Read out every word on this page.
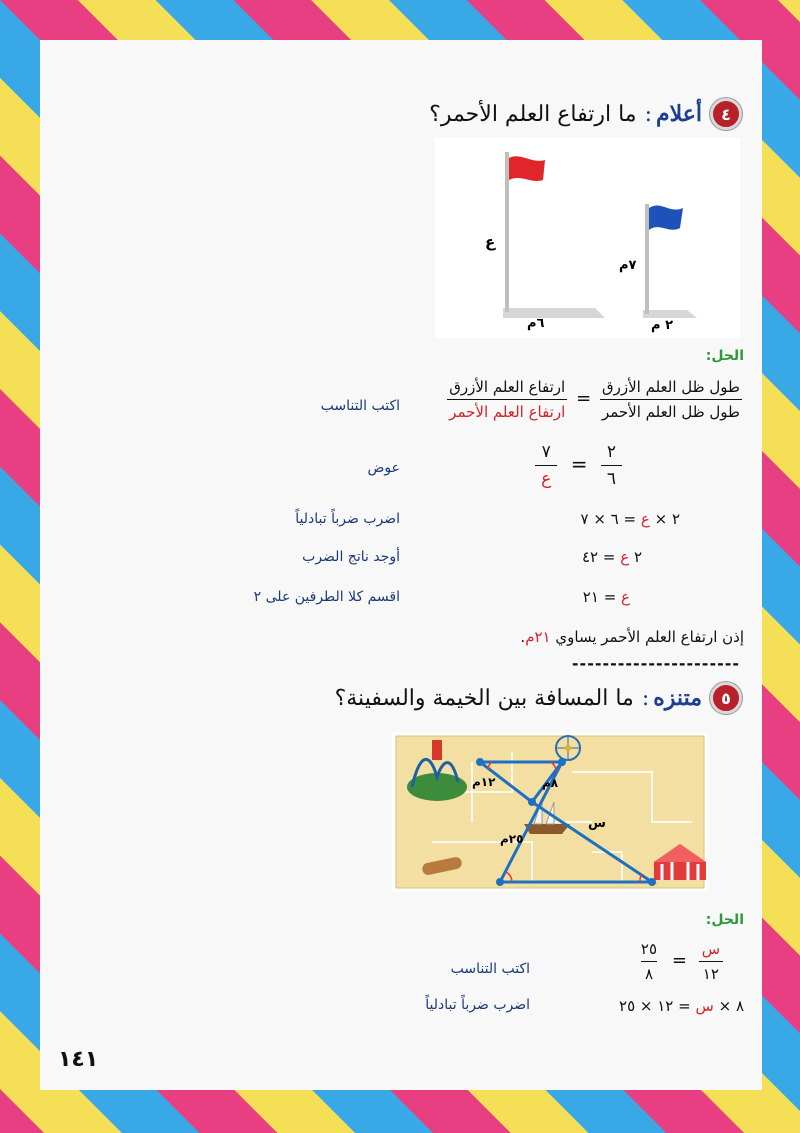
٤
أعلام
:
ما ارتفاع العلم الأحمر؟
ع
٦م
٧م
٢ م
الحل:
$\frac{\text{طول ظل العلم الأزرق}}{\text{طول ظل العلم الأحمر}}$
=
$\frac{\text{ارتفاع العلم الأزرق}}{\text{ارتفاع العلم الأحمر}}$
اكتب التناسب
$\frac{٢}{٦}$
=
$\frac{٧}{\text{ع}}$
عوض
٢ × ع = ٦ × ٧
اضرب ضرباً تبادلياً
٢ ع = ٤٢
أوجد ناتج الضرب
ع = ٢١
اقسم كلا الطرفين على ٢
إذن ارتفاع العلم الأحمر يساوي ٢١م.
----------------------
٥
متنزه
:
ما المسافة بين الخيمة والسفينة؟
١٢م	٨م
٢٥م
س
الحل:
$\frac{\text{س}}{١٢}$
=
$\frac{٢٥}{٨}$
اكتب التناسب
٨ × س = ١٢ × ٢٥
اضرب ضرباً تبادلياً
١٤١
